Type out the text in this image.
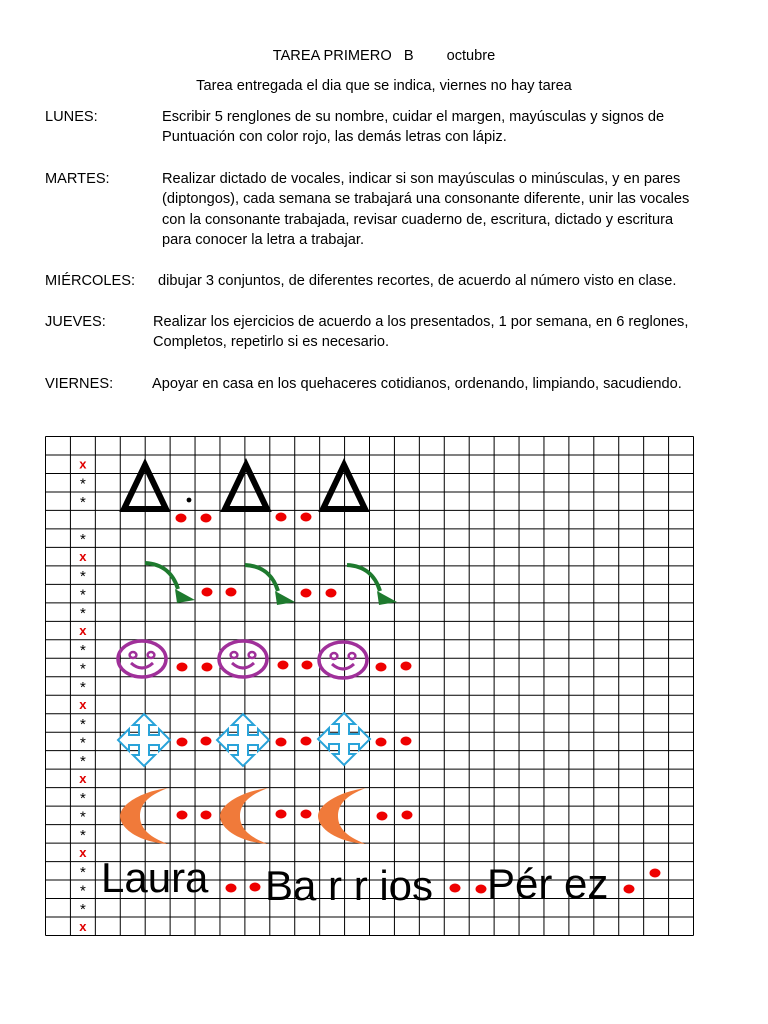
TAREA PRIMERO B octubre
Tarea entregada el dia que se indica, viernes no hay tarea
LUNES:	Escribir 5 renglones de su nombre, cuidar el margen, mayúsculas y signos de
Puntuación con color rojo, las demás letras con lápiz.
MARTES:	Realizar dictado de vocales, indicar si son mayúsculas o minúsculas, y en pares
(diptongos), cada semana se trabajará una consonante diferente, unir las vocales
con la consonante trabajada, revisar cuaderno de, escritura, dictado y escritura
para conocer la letra a trabajar.
MIÉRCOLES: dibujar 3 conjuntos, de diferentes recortes, de acuerdo al número visto en clase.
JUEVES:	Realizar los ejercicios de acuerdo a los presentados, 1 por semana, en 6 reglones,
Completos, repetirlo si es necesario.
VIERNES:	Apoyar en casa en los quehaceres cotidianos, ordenando, limpiando, sacudiendo.
x
*
*
*
x
*
*
*
x
*
*
*
x
*
*
*
x
*
*
*
x
*
*
*
x
Laura Ba r r ios Pér ez
